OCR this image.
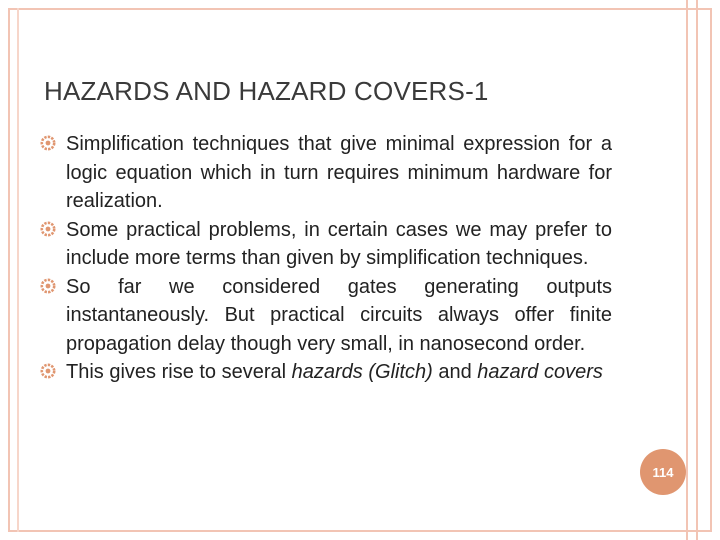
HAZARDS AND HAZARD COVERS-1
Simplification techniques that give minimal expression for a logic equation which in turn requires minimum hardware for realization.
Some practical problems, in certain cases we may prefer to include more terms than given by simplification techniques.
So far we considered gates generating outputs instantaneously. But practical circuits always offer finite propagation delay though very small, in nanosecond order.
This gives rise to several hazards (Glitch) and hazard covers
114
